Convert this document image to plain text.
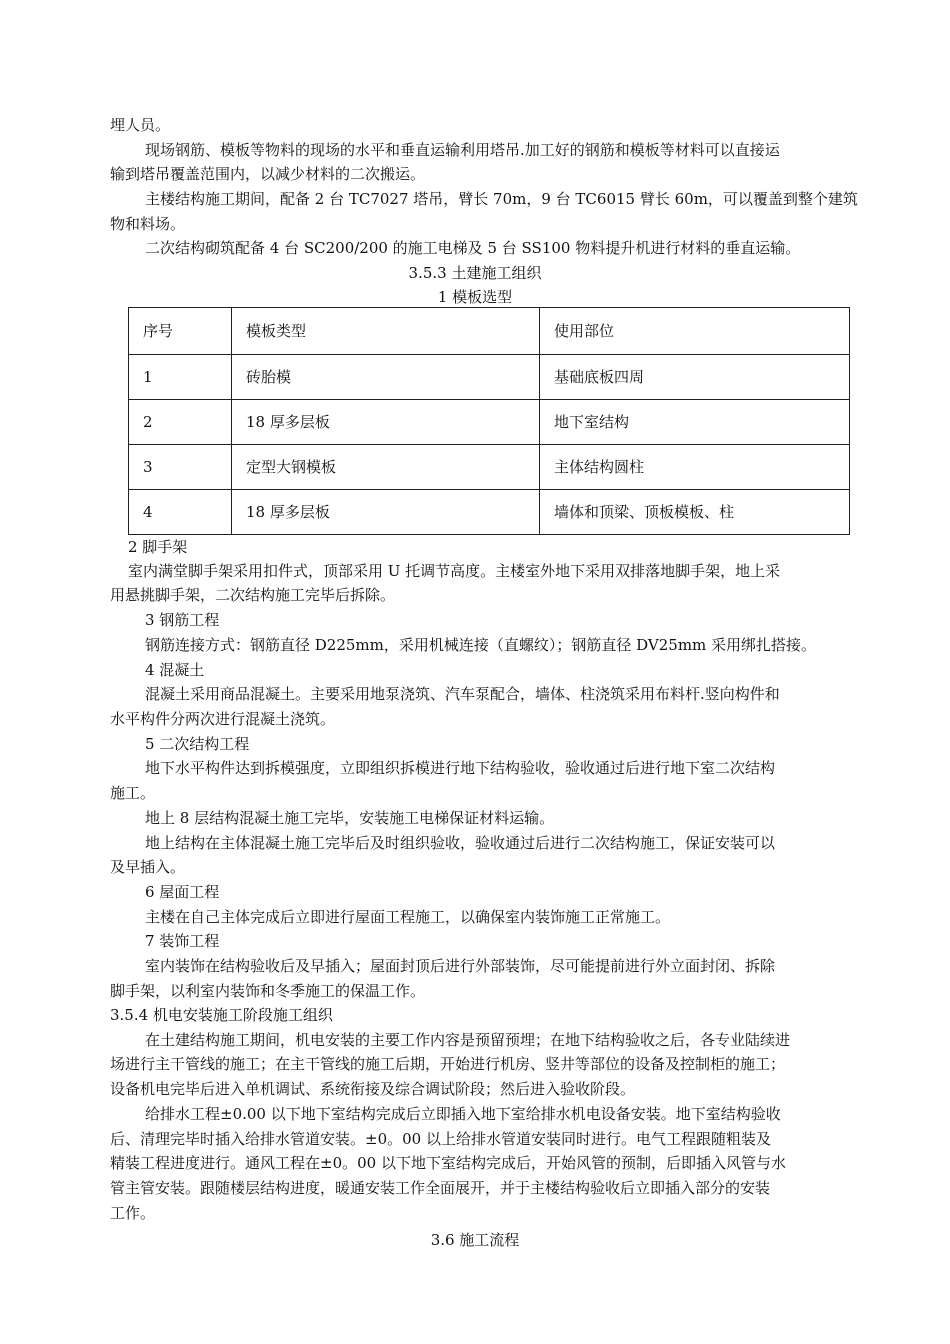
埋人员。
现场钢筋、模板等物料的现场的水平和垂直运输利用塔吊.加工好的钢筋和模板等材料可以直接运
输到塔吊覆盖范围内，以减少材料的二次搬运。
主楼结构施工期间，配备 2 台 TC7027 塔吊，臂长 70m，9 台 TC6015 臂长 60m，可以覆盖到整个建筑
物和料场。
二次结构砌筑配备 4 台 SC200/200 的施工电梯及 5 台 SS100 物料提升机进行材料的垂直运输。
3.5.3 土建施工组织
1 模板选型
序号	模板类型	使用部位
1	砖胎模	基础底板四周
2	18 厚多层板	地下室结构
3	定型大钢模板	主体结构圆柱
4	18 厚多层板	墙体和顶梁、顶板模板、柱
2 脚手架
室内满堂脚手架采用扣件式，顶部采用 U 托调节高度。主楼室外地下采用双排落地脚手架，地上采
用悬挑脚手架，二次结构施工完毕后拆除。
3 钢筋工程
钢筋连接方式：钢筋直径 D225mm，采用机械连接（直螺纹）；钢筋直径 DV25mm 采用绑扎搭接。
4 混凝土
混凝土采用商品混凝土。主要采用地泵浇筑、汽车泵配合，墙体、柱浇筑采用布料杆.竖向构件和
水平构件分两次进行混凝土浇筑。
5 二次结构工程
地下水平构件达到拆模强度，立即组织拆模进行地下结构验收，验收通过后进行地下室二次结构
施工。
地上 8 层结构混凝土施工完毕，安装施工电梯保证材料运输。
地上结构在主体混凝土施工完毕后及时组织验收，验收通过后进行二次结构施工，保证安装可以
及早插入。
6 屋面工程
主楼在自己主体完成后立即进行屋面工程施工，以确保室内装饰施工正常施工。
7 装饰工程
室内装饰在结构验收后及早插入；屋面封顶后进行外部装饰，尽可能提前进行外立面封闭、拆除
脚手架，以利室内装饰和冬季施工的保温工作。
3.5.4 机电安装施工阶段施工组织
在土建结构施工期间，机电安装的主要工作内容是预留预埋；在地下结构验收之后，各专业陆续进
场进行主干管线的施工；在主干管线的施工后期，开始进行机房、竖井等部位的设备及控制柜的施工；
设备机电完毕后进入单机调试、系统衔接及综合调试阶段；然后进入验收阶段。
给排水工程±0.00 以下地下室结构完成后立即插入地下室给排水机电设备安装。地下室结构验收
后、清理完毕时插入给排水管道安装。±0。00 以上给排水管道安装同时进行。电气工程跟随粗装及
精装工程进度进行。通风工程在±0。00 以下地下室结构完成后，开始风管的预制，后即插入风管与水
管主管安装。跟随楼层结构进度，暖通安装工作全面展开，并于主楼结构验收后立即插入部分的安装
工作。
3.6 施工流程
